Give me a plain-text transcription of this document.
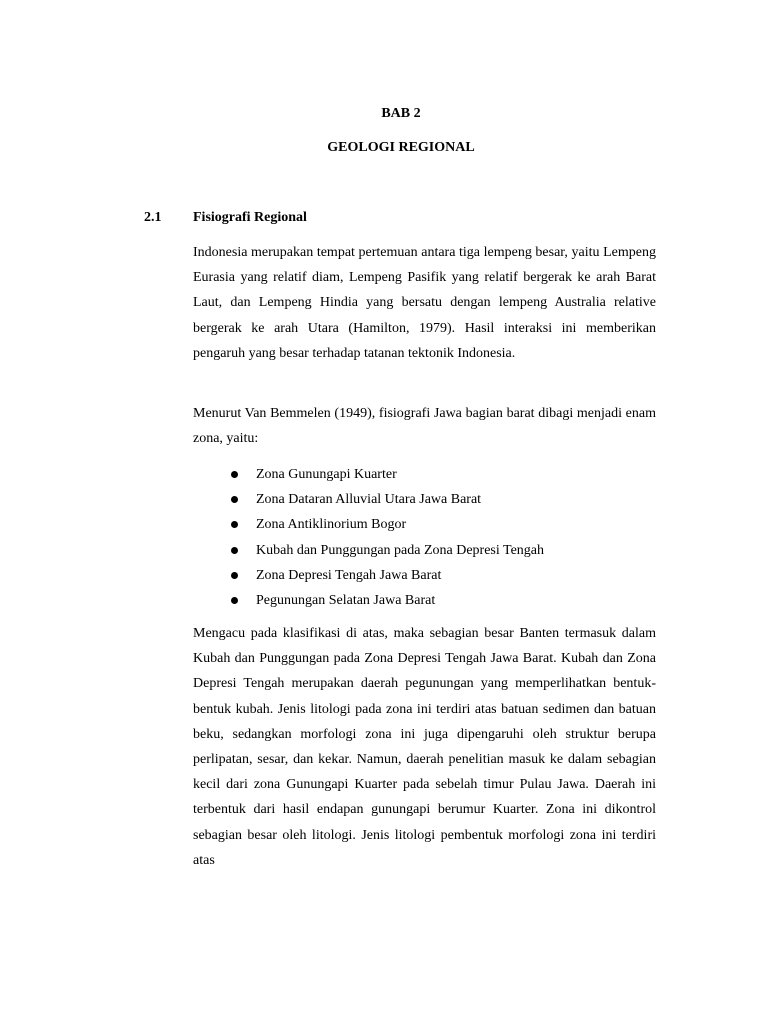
BAB 2
GEOLOGI REGIONAL
2.1 Fisiografi Regional

Indonesia merupakan tempat pertemuan antara tiga lempeng besar, yaitu Lempeng Eurasia yang relatif diam, Lempeng Pasifik yang relatif bergerak ke arah Barat Laut, dan Lempeng Hindia yang bersatu dengan lempeng Australia relative bergerak ke arah Utara (Hamilton, 1979). Hasil interaksi ini memberikan pengaruh yang besar terhadap tatanan tektonik Indonesia.

Menurut Van Bemmelen (1949), fisiografi Jawa bagian barat dibagi menjadi enam zona, yaitu:

Zona Gunungapi Kuarter
Zona Dataran Alluvial Utara Jawa Barat
Zona Antiklinorium Bogor
Kubah dan Punggungan pada Zona Depresi Tengah
Zona Depresi Tengah Jawa Barat
Pegunungan Selatan Jawa Barat

Mengacu pada klasifikasi di atas, maka sebagian besar Banten termasuk dalam Kubah dan Punggungan pada Zona Depresi Tengah Jawa Barat. Kubah dan Zona Depresi Tengah merupakan daerah pegunungan yang memperlihatkan bentuk-bentuk kubah. Jenis litologi pada zona ini terdiri atas batuan sedimen dan batuan beku, sedangkan morfologi zona ini juga dipengaruhi oleh struktur berupa perlipatan, sesar, dan kekar. Namun, daerah penelitian masuk ke dalam sebagian kecil dari zona Gunungapi Kuarter pada sebelah timur Pulau Jawa. Daerah ini terbentuk dari hasil endapan gunungapi berumur Kuarter. Zona ini dikontrol sebagian besar oleh litologi. Jenis litologi pembentuk morfologi zona ini terdiri atas
